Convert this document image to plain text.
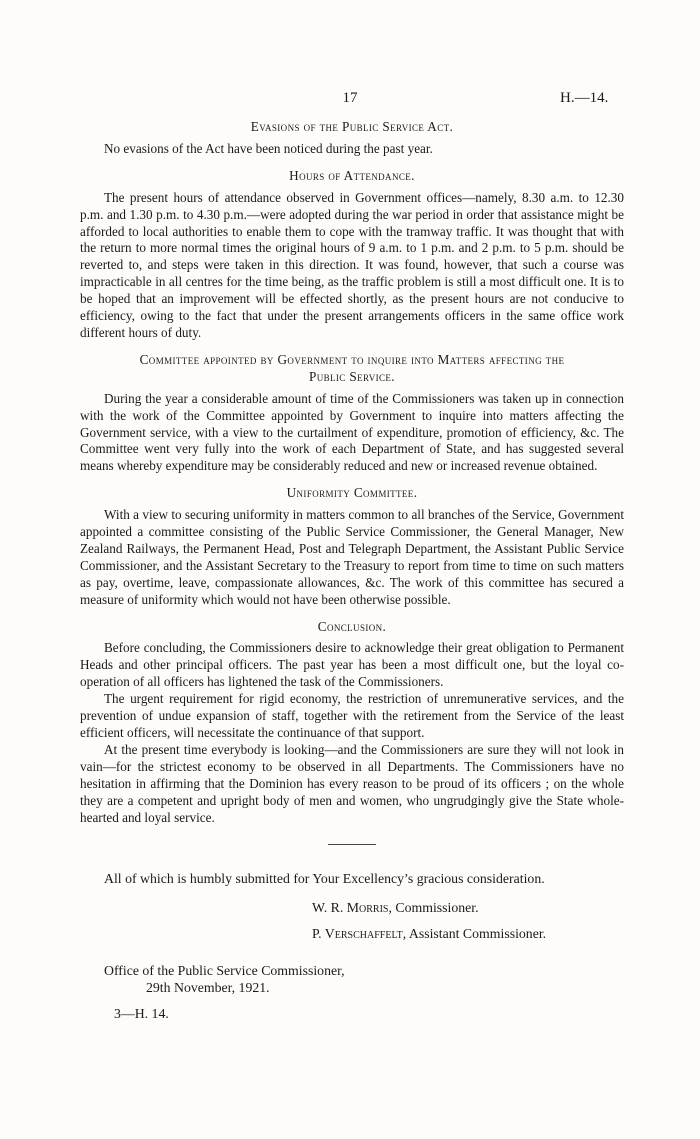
17	H.—14.
Evasions of the Public Service Act.

No evasions of the Act have been noticed during the past year.

Hours of Attendance.

The present hours of attendance observed in Government offices—namely, 8.30 a.m. to 12.30 p.m. and 1.30 p.m. to 4.30 p.m.—were adopted during the war period in order that assistance might be afforded to local authorities to enable them to cope with the tramway traffic. It was thought that with the return to more normal times the original hours of 9 a.m. to 1 p.m. and 2 p.m. to 5 p.m. should be reverted to, and steps were taken in this direction. It was found, however, that such a course was impracticable in all centres for the time being, as the traffic problem is still a most difficult one. It is to be hoped that an improvement will be effected shortly, as the present hours are not conducive to efficiency, owing to the fact that under the present arrangements officers in the same office work different hours of duty.

Committee appointed by Government to inquire into Matters affecting the
Public Service.

During the year a considerable amount of time of the Commissioners was taken up in connection with the work of the Committee appointed by Government to inquire into matters affecting the Government service, with a view to the curtailment of expenditure, promotion of efficiency, &c. The Committee went very fully into the work of each Department of State, and has suggested several means whereby expenditure may be considerably reduced and new or increased revenue obtained.

Uniformity Committee.

With a view to securing uniformity in matters common to all branches of the Service, Government appointed a committee consisting of the Public Service Commissioner, the General Manager, New Zealand Railways, the Permanent Head, Post and Telegraph Department, the Assistant Public Service Commissioner, and the Assistant Secretary to the Treasury to report from time to time on such matters as pay, overtime, leave, compassionate allowances, &c. The work of this committee has secured a measure of uniformity which would not have been otherwise possible.

Conclusion.

Before concluding, the Commissioners desire to acknowledge their great obligation to Permanent Heads and other principal officers. The past year has been a most difficult one, but the loyal co-operation of all officers has lightened the task of the Commissioners.

The urgent requirement for rigid economy, the restriction of unremunerative services, and the prevention of undue expansion of staff, together with the retirement from the Service of the least efficient officers, will necessitate the continuance of that support.

At the present time everybody is looking—and the Commissioners are sure they will not look in vain—for the strictest economy to be observed in all Departments. The Commissioners have no hesitation in affirming that the Dominion has every reason to be proud of its officers ; on the whole they are a competent and upright body of men and women, who ungrudgingly give the State whole-hearted and loyal service.

All of which is humbly submitted for Your Excellency’s gracious consideration.

W. R. Morris, Commissioner.
P. Verschaffelt, Assistant Commissioner.
Office of the Public Service Commissioner,
29th November, 1921.
3—H. 14.
